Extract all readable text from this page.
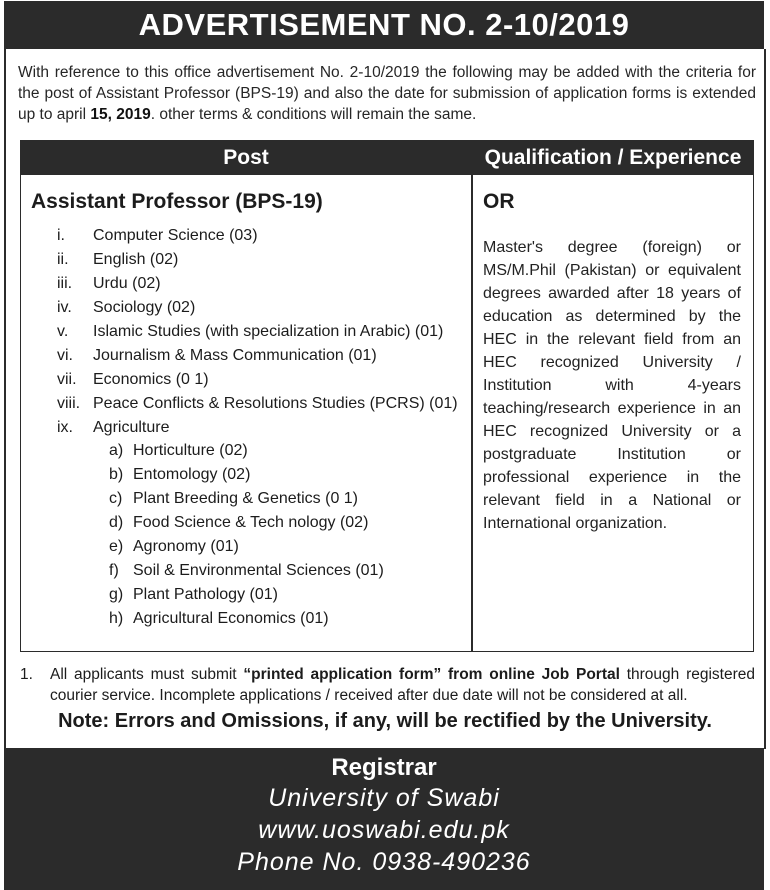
ADVERTISEMENT NO. 2-10/2019
With reference to this office advertisement No. 2-10/2019 the following may be added with the criteria for the post of Assistant Professor (BPS-19) and also the date for submission of application forms is extended up to april 15, 2019. other terms & conditions will remain the same.
Post	Qualification / Experience
Assistant Professor (BPS-19)
i.	Computer Science (03)
ii.	English (02)
iii.	Urdu (02)
iv.	Sociology (02)
v.	Islamic Studies (with specialization in Arabic) (01)
vi.	Journalism & Mass Communication (01)
vii.	Economics (0 1)
viii. Peace Conflicts & Resolutions Studies (PCRS) (01)
ix.	Agriculture
a) Horticulture (02)
b) Entomology (02)
c) Plant Breeding & Genetics (0 1)
d) Food Science & Tech nology (02)
e) Agronomy (01)
f) Soil & Environmental Sciences (01)
g) Plant Pathology (01)
h) Agricultural Economics (01)
OR
Master's degree (foreign) or MS/M.Phil (Pakistan) or equivalent degrees awarded after 18 years of education as determined by the HEC in the relevant field from an HEC recognized University / Institution with 4-years teaching/research experience in an HEC recognized University or a postgraduate Institution or professional experience in the relevant field in a National or International organization.
1. All applicants must submit “printed application form” from online Job Portal through registered courier service. Incomplete applications / received after due date will not be considered at all.
Note: Errors and Omissions, if any, will be rectified by the University.
Registrar
University of Swabi
www.uoswabi.edu.pk
Phone No. 0938-490236
